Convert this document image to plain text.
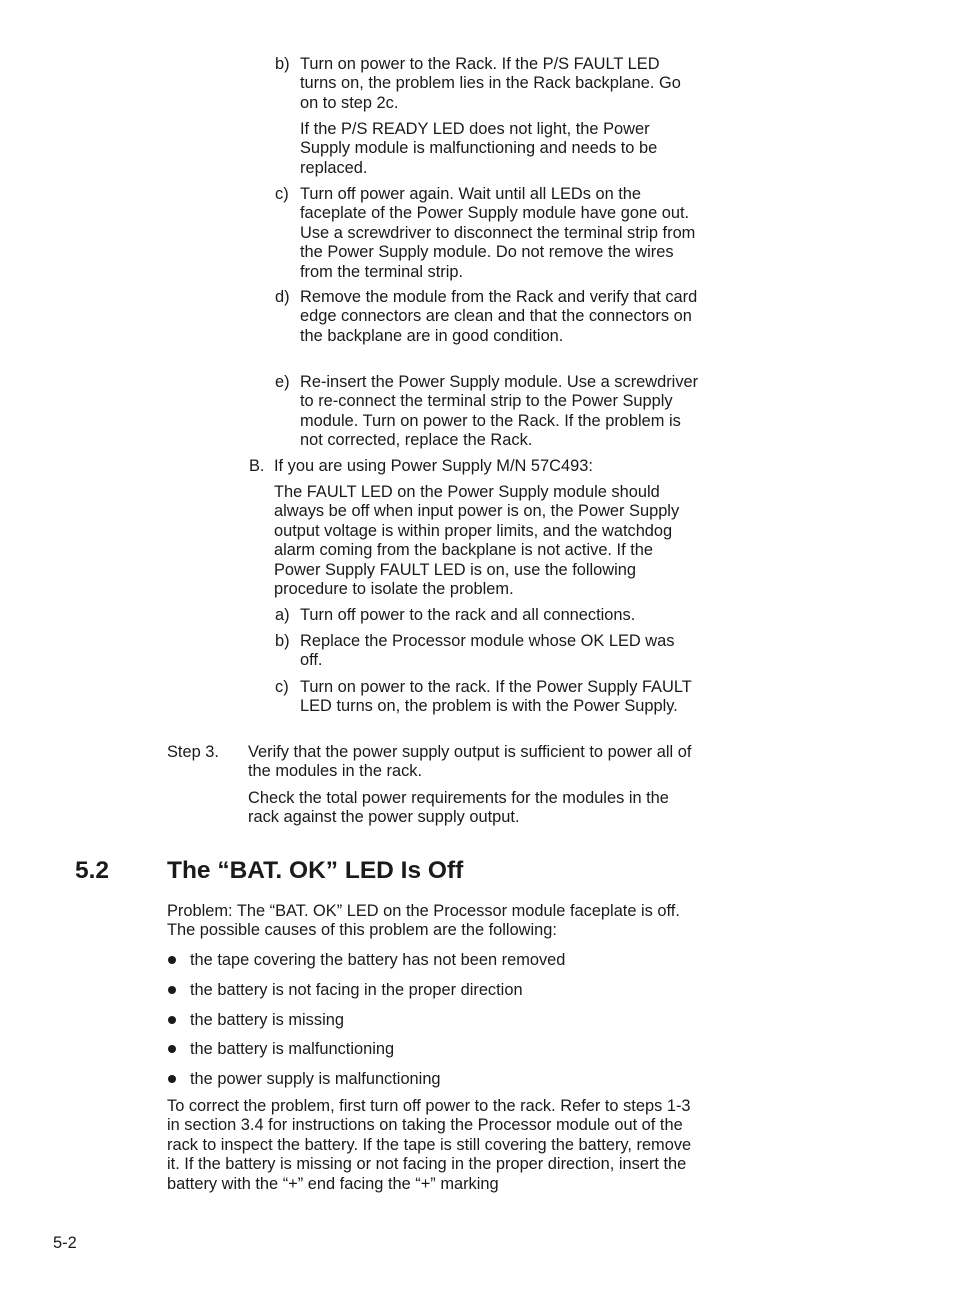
b) Turn on power to the Rack. If the P/S FAULT LED turns on, the problem lies in the Rack backplane. Go on to step 2c.

If the P/S READY LED does not light, the Power Supply module is malfunctioning and needs to be replaced.

c) Turn off power again. Wait until all LEDs on the faceplate of the Power Supply module have gone out. Use a screwdriver to disconnect the terminal strip from the Power Supply module. Do not remove the wires from the terminal strip.

d) Remove the module from the Rack and verify that card edge connectors are clean and that the connectors on the backplane are in good condition.

e) Re-insert the Power Supply module. Use a screwdriver to re-connect the terminal strip to the Power Supply module. Turn on power to the Rack. If the problem is not corrected, replace the Rack.

B. If you are using Power Supply M/N 57C493:

The FAULT LED on the Power Supply module should always be off when input power is on, the Power Supply output voltage is within proper limits, and the watchdog alarm coming from the backplane is not active. If the Power Supply FAULT LED is on, use the following procedure to isolate the problem.

a) Turn off power to the rack and all connections.

b) Replace the Processor module whose OK LED was off.

c) Turn on power to the rack. If the Power Supply FAULT LED turns on, the problem is with the Power Supply.

Step 3. Verify that the power supply output is sufficient to power all of the modules in the rack.

Check the total power requirements for the modules in the rack against the power supply output.

5.2 The “BAT. OK” LED Is Off

Problem: The “BAT. OK” LED on the Processor module faceplate is off. The possible causes of this problem are the following:

the tape covering the battery has not been removed

the battery is not facing in the proper direction

the battery is missing

the battery is malfunctioning

the power supply is malfunctioning

To correct the problem, first turn off power to the rack. Refer to steps 1-3 in section 3.4 for instructions on taking the Processor module out of the rack to inspect the battery. If the tape is still covering the battery, remove it. If the battery is missing or not facing in the proper direction, insert the battery with the “+” end facing the “+” marking

5-2
